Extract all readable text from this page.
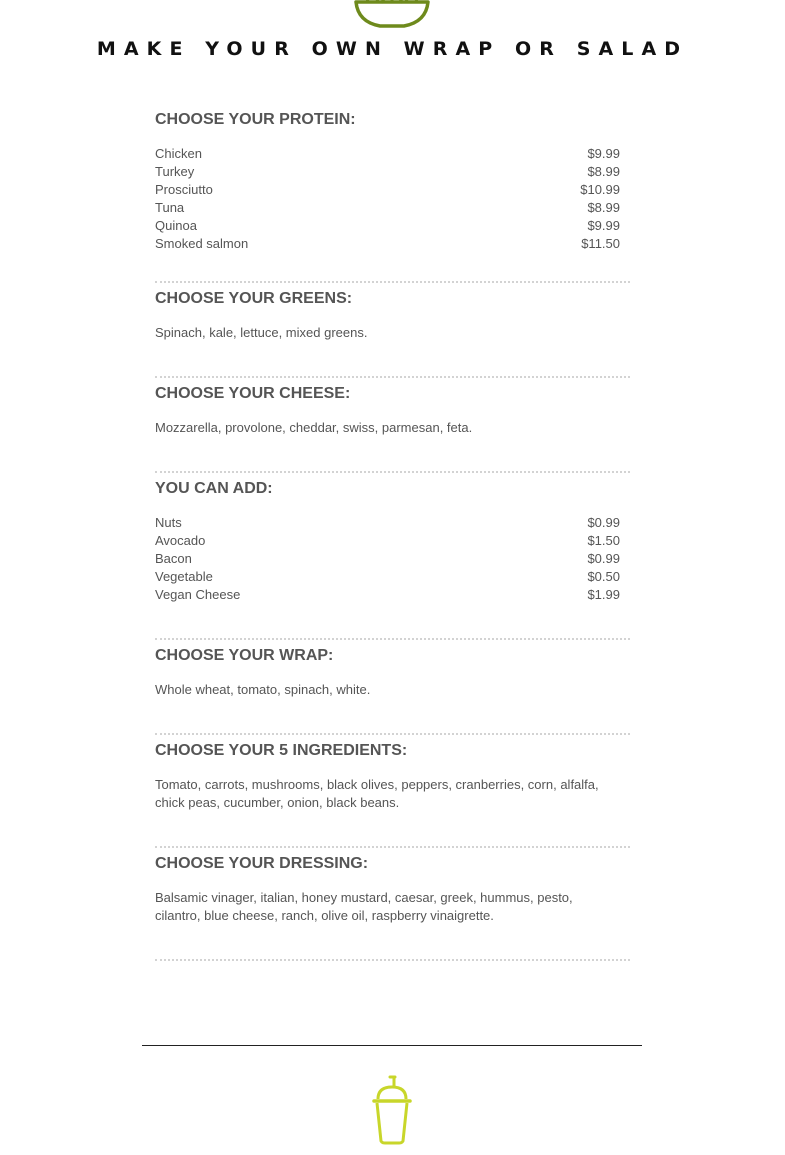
MAKE YOUR OWN WRAP OR SALAD
CHOOSE YOUR PROTEIN:
Chicken	$9.99
Turkey	$8.99
Prosciutto	$10.99
Tuna	$8.99
Quinoa	$9.99
Smoked salmon	$11.50
CHOOSE YOUR GREENS:

Spinach, kale, lettuce, mixed greens.

CHOOSE YOUR CHEESE:

Mozzarella, provolone, cheddar, swiss, parmesan, feta.

YOU CAN ADD:
Nuts	$0.99
Avocado	$1.50
Bacon	$0.99
Vegetable	$0.50
Vegan Cheese	$1.99
CHOOSE YOUR WRAP:

Whole wheat, tomato, spinach, white.

CHOOSE YOUR 5 INGREDIENTS:

Tomato, carrots, mushrooms, black olives, peppers, cranberries, corn, alfalfa, chick peas, cucumber, onion, black beans.

CHOOSE YOUR DRESSING:

Balsamic vinager, italian, honey mustard, caesar, greek, hummus, pesto, cilantro, blue cheese, ranch, olive oil, raspberry vinaigrette.
